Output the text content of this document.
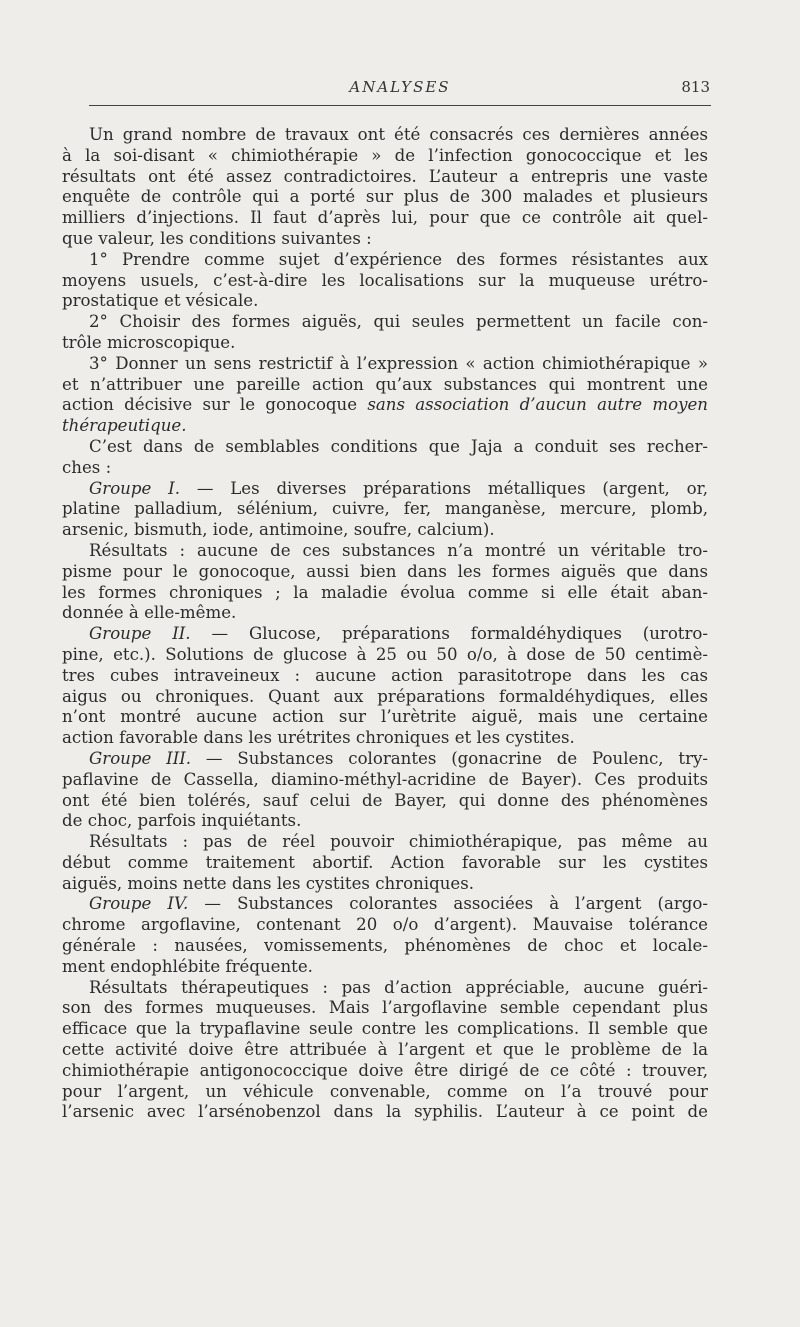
ANALYSES	813
Un grand nombre de travaux ont été consacrés ces dernières années
à la soi-disant « chimiothérapie » de l’infection gonococcique et les
résultats ont été assez contradictoires. L’auteur a entrepris une vaste
enquête de contrôle qui a porté sur plus de 300 malades et plusieurs
milliers d’injections. Il faut d’après lui, pour que ce contrôle ait quel-
que valeur, les conditions suivantes :
1° Prendre comme sujet d’expérience des formes résistantes aux
moyens usuels, c’est-à-dire les localisations sur la muqueuse urétro-
prostatique et vésicale.
2° Choisir des formes aiguës, qui seules permettent un facile con-
trôle microscopique.
3° Donner un sens restrictif à l’expression « action chimiothérapique »
et n’attribuer une pareille action qu’aux substances qui montrent une
action décisive sur le gonocoque sans association d’aucun autre moyen
thérapeutique.
C’est dans de semblables conditions que Jaja a conduit ses recher-
ches :
Groupe I. — Les diverses préparations métalliques (argent, or,
platine palladium, sélénium, cuivre, fer, manganèse, mercure, plomb,
arsenic, bismuth, iode, antimoine, soufre, calcium).
Résultats : aucune de ces substances n’a montré un véritable tro-
pisme pour le gonocoque, aussi bien dans les formes aiguës que dans
les formes chroniques ; la maladie évolua comme si elle était aban-
donnée à elle-même.
Groupe II. — Glucose, préparations formaldéhydiques (urotro-
pine, etc.). Solutions de glucose à 25 ou 50 o/o, à dose de 50 centimè-
tres cubes intraveineux : aucune action parasitotrope dans les cas
aigus ou chroniques. Quant aux préparations formaldéhydiques, elles
n’ont montré aucune action sur l’urètrite aiguë, mais une certaine
action favorable dans les urétrites chroniques et les cystites.
Groupe III. — Substances colorantes (gonacrine de Poulenc, try-
paflavine de Cassella, diamino-méthyl-acridine de Bayer). Ces produits
ont été bien tolérés, sauf celui de Bayer, qui donne des phénomènes
de choc, parfois inquiétants.
Résultats : pas de réel pouvoir chimiothérapique, pas même au
début comme traitement abortif. Action favorable sur les cystites
aiguës, moins nette dans les cystites chroniques.
Groupe IV. — Substances colorantes associées à l’argent (argo-
chrome argoflavine, contenant 20 o/o d’argent). Mauvaise tolérance
générale : nausées, vomissements, phénomènes de choc et locale-
ment endophlébite fréquente.
Résultats thérapeutiques : pas d’action appréciable, aucune guéri-
son des formes muqueuses. Mais l’argoflavine semble cependant plus
efficace que la trypaflavine seule contre les complications. Il semble que
cette activité doive être attribuée à l’argent et que le problème de la
chimiothérapie antigonococcique doive être dirigé de ce côté : trouver,
pour l’argent, un véhicule convenable, comme on l’a trouvé pour
l’arsenic avec l’arsénobenzol dans la syphilis. L’auteur à ce point de
